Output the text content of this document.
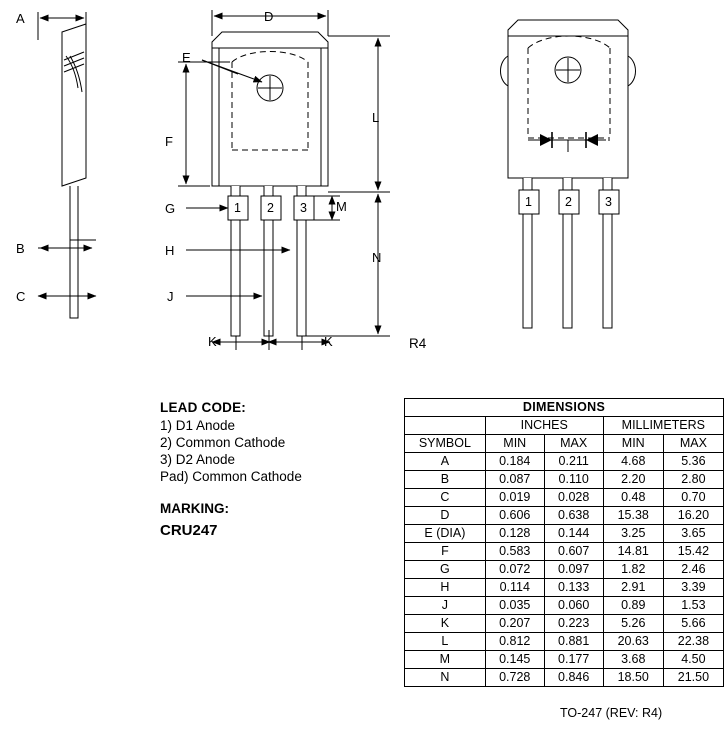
A
B
C
D
E
F
G
H
J
K	K
L
M
N
1 2 3	1	2	3
R4

LEAD CODE:

1) D1 Anode

2) Common Cathode

3) D2 Anode

Pad) Common Cathode

MARKING:

CRU247

DIMENSIONS				
	INCHES		MILLIMETERS	
SYMBOL	MIN	MAX	MIN	MAX
A	0.184	0.211	4.68	5.36
B	0.087	0.110	2.20	2.80
C	0.019	0.028	0.48	0.70
D	0.606	0.638	15.38	16.20
E (DIA)	0.128	0.144	3.25	3.65
F	0.583	0.607	14.81	15.42
G	0.072	0.097	1.82	2.46
H	0.114	0.133	2.91	3.39
J	0.035	0.060	0.89	1.53
K	0.207	0.223	5.26	5.66
L	0.812	0.881	20.63	22.38
M	0.145	0.177	3.68	4.50
N	0.728	0.846	18.50	21.50
TO-247 (REV: R4)
